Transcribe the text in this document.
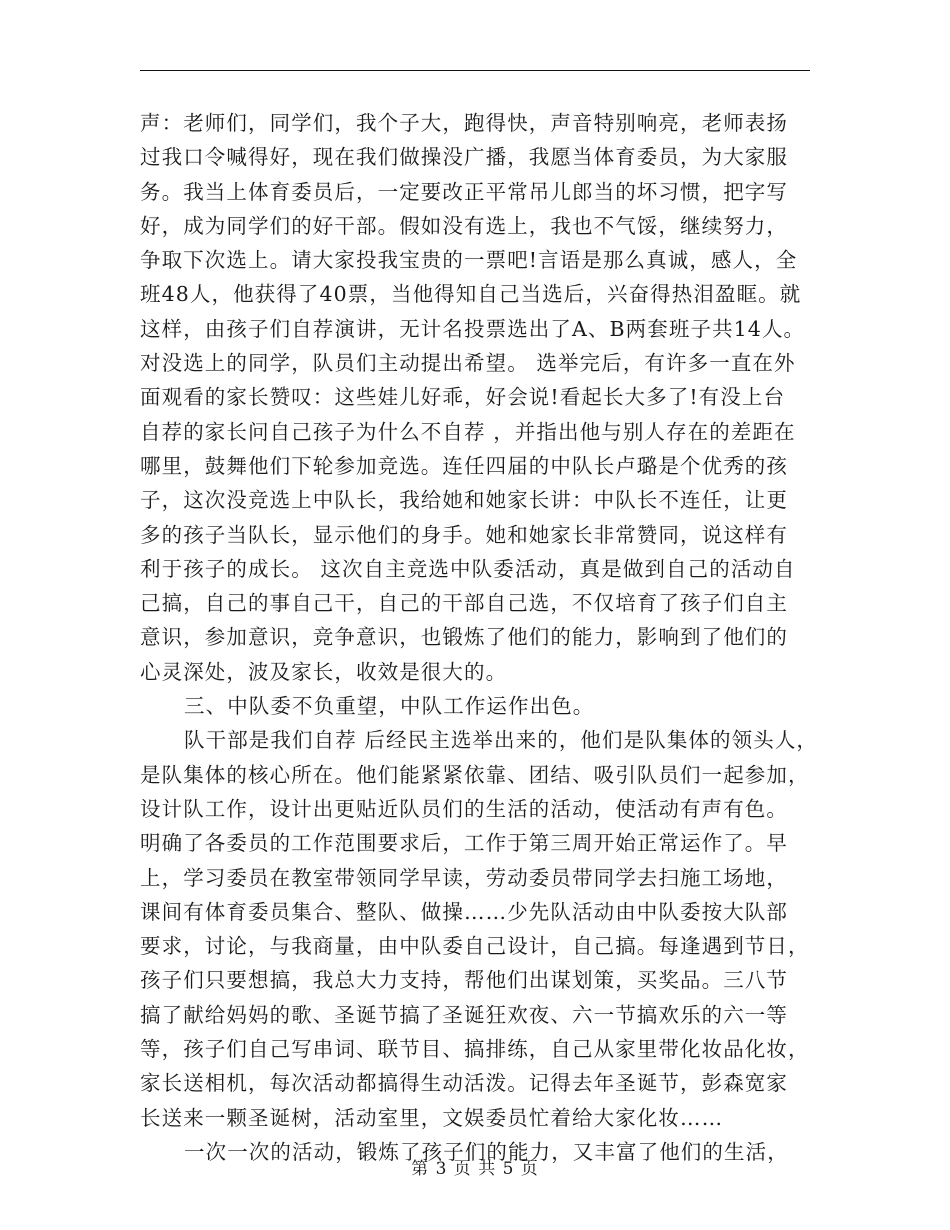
声：老师们，同学们，我个子大，跑得快，声音特别响亮，老师表扬
过我口令喊得好，现在我们做操没广播，我愿当体育委员，为大家服
务。我当上体育委员后，一定要改正平常吊儿郎当的坏习惯，把字写
好，成为同学们的好干部。假如没有选上，我也不气馁，继续努力，
争取下次选上。请大家投我宝贵的一票吧!言语是那么真诚，感人，全
班48人，他获得了40票，当他得知自己当选后，兴奋得热泪盈眶。就
这样，由孩子们自荐演讲，无计名投票选出了A、B两套班子共14人。
对没选上的同学，队员们主动提出希望。 选举完后，有许多一直在外
面观看的家长赞叹：这些娃儿好乖，好会说!看起长大多了!有没上台
自荐的家长问自己孩子为什么不自荐 ，并指出他与别人存在的差距在
哪里，鼓舞他们下轮参加竞选。连任四届的中队长卢璐是个优秀的孩
子，这次没竞选上中队长，我给她和她家长讲：中队长不连任，让更
多的孩子当队长，显示他们的身手。她和她家长非常赞同，说这样有
利于孩子的成长。 这次自主竞选中队委活动，真是做到自己的活动自
己搞，自己的事自己干，自己的干部自己选，不仅培育了孩子们自主
意识，参加意识，竞争意识，也锻炼了他们的能力，影响到了他们的
心灵深处，波及家长，收效是很大的。
三、中队委不负重望，中队工作运作出色。
队干部是我们自荐 后经民主选举出来的，他们是队集体的领头人，
是队集体的核心所在。他们能紧紧依靠、团结、吸引队员们一起参加，
设计队工作，设计出更贴近队员们的生活的活动，使活动有声有色。
明确了各委员的工作范围要求后，工作于第三周开始正常运作了。早
上，学习委员在教室带领同学早读，劳动委员带同学去扫施工场地，
课间有体育委员集合、整队、做操……少先队活动由中队委按大队部
要求，讨论，与我商量，由中队委自己设计，自己搞。每逢遇到节日，
孩子们只要想搞，我总大力支持，帮他们出谋划策，买奖品。三八节
搞了献给妈妈的歌、圣诞节搞了圣诞狂欢夜、六一节搞欢乐的六一等
等，孩子们自己写串词、联节目、搞排练，自己从家里带化妆品化妆，
家长送相机，每次活动都搞得生动活泼。记得去年圣诞节，彭森宽家
长送来一颗圣诞树，活动室里，文娱委员忙着给大家化妆……
一次一次的活动，锻炼了孩子们的能力，又丰富了他们的生活，
第 3 页 共 5 页
